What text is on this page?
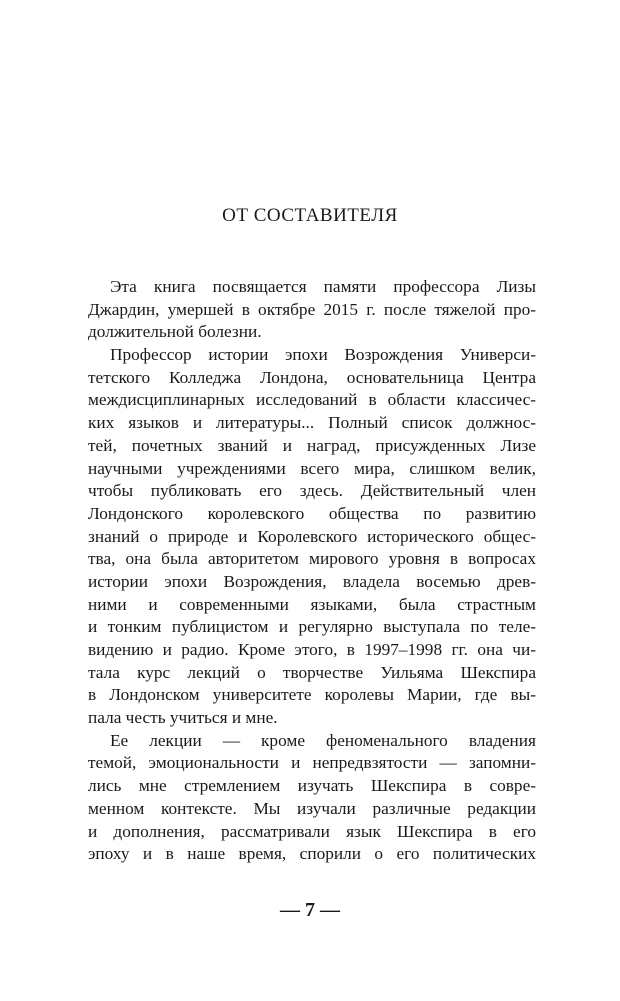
ОТ СОСТАВИТЕЛЯ
Эта книга посвящается памяти профессора Лизы
Джардин, умершей в октябре 2015 г. после тяжелой про-
должительной болезни.
Профессор истории эпохи Возрождения Универси-
тетского Колледжа Лондона, основательница Центра
междисциплинарных исследований в области классичес-
ких языков и литературы... Полный список должнос-
тей, почетных званий и наград, присужденных Лизе
научными учреждениями всего мира, слишком велик,
чтобы публиковать его здесь. Действительный член
Лондонского королевского общества по развитию
знаний о природе и Королевского исторического общес-
тва, она была авторитетом мирового уровня в вопросах
истории эпохи Возрождения, владела восемью древ-
ними и современными языками, была страстным
и тонким публицистом и регулярно выступала по теле-
видению и радио. Кроме этого, в 1997–1998 гг. она чи-
тала курс лекций о творчестве Уильяма Шекспира
в Лондонском университете королевы Марии, где вы-
пала честь учиться и мне.
Ее лекции — кроме феноменального владения
темой, эмоциональности и непредвзятости — запомни-
лись мне стремлением изучать Шекспира в совре-
менном контексте. Мы изучали различные редакции
и дополнения, рассматривали язык Шекспира в его
эпоху и в наше время, спорили о его политических
— 7 —
